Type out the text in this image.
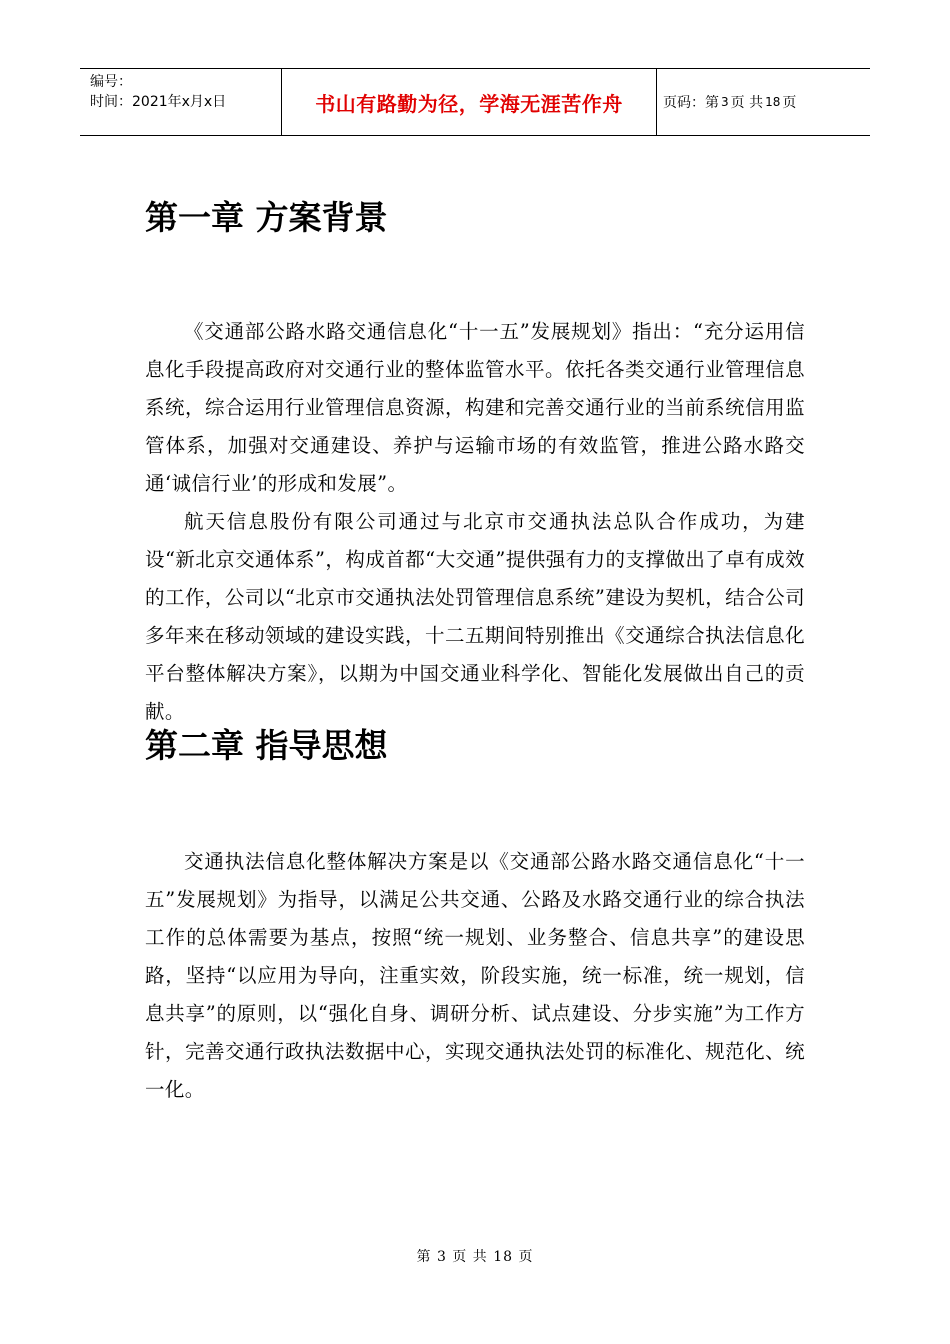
编号：
时间：2021年x月x日	书山有路勤为径，学海无涯苦作舟	页码：第 3 页 共 18 页
第一章 方案背景

《交通部公路水路交通信息化“十一五”发展规划》指出：“充分运用信息化手段提高政府对交通行业的整体监管水平。依托各类交通行业管理信息系统，综合运用行业管理信息资源，构建和完善交通行业的当前系统信用监管体系，加强对交通建设、养护与运输市场的有效监管，推进公路水路交通‘诚信行业’的形成和发展”。

航天信息股份有限公司通过与北京市交通执法总队合作成功，为建设“新北京交通体系”，构成首都“大交通”提供强有力的支撑做出了卓有成效的工作，公司以“北京市交通执法处罚管理信息系统”建设为契机，结合公司多年来在移动领域的建设实践，十二五期间特别推出《交通综合执法信息化平台整体解决方案》，以期为中国交通业科学化、智能化发展做出自己的贡献。

第二章 指导思想

交通执法信息化整体解决方案是以《交通部公路水路交通信息化“十一五”发展规划》为指导，以满足公共交通、公路及水路交通行业的综合执法工作的总体需要为基点，按照“统一规划、业务整合、信息共享”的建设思路，坚持“以应用为导向，注重实效，阶段实施，统一标准，统一规划，信息共享”的原则，以“强化自身、调研分析、试点建设、分步实施”为工作方针，完善交通行政执法数据中心，实现交通执法处罚的标准化、规范化、统一化。

第 3 页 共 18 页
